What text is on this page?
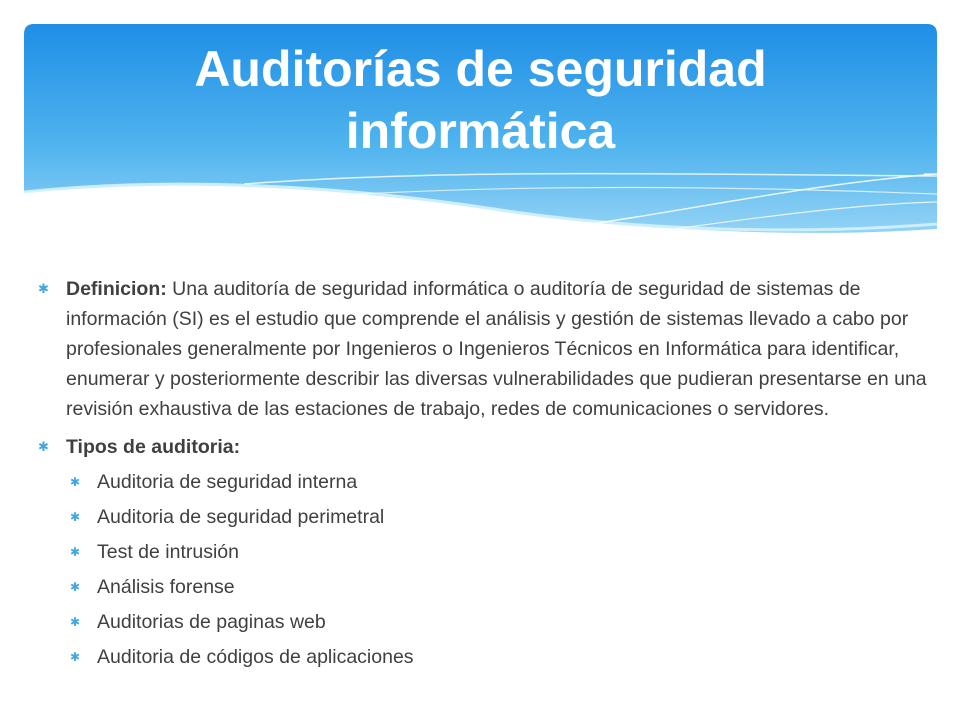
Auditorías de seguridad
informática
✱ Definicion: Una auditoría de seguridad informática o auditoría de seguridad de sistemas de información (SI) es el estudio que comprende el análisis y gestión de sistemas llevado a cabo por profesionales generalmente por Ingenieros o Ingenieros Técnicos en Informática para identificar, enumerar y posteriormente describir las diversas vulnerabilidades que pudieran presentarse en una revisión exhaustiva de las estaciones de trabajo, redes de comunicaciones o servidores.
✱ Tipos de auditoria:
✱ Auditoria de seguridad interna
✱ Auditoria de seguridad perimetral
✱ Test de intrusión
✱ Análisis forense
✱ Auditorias de paginas web
✱ Auditoria de códigos de aplicaciones
